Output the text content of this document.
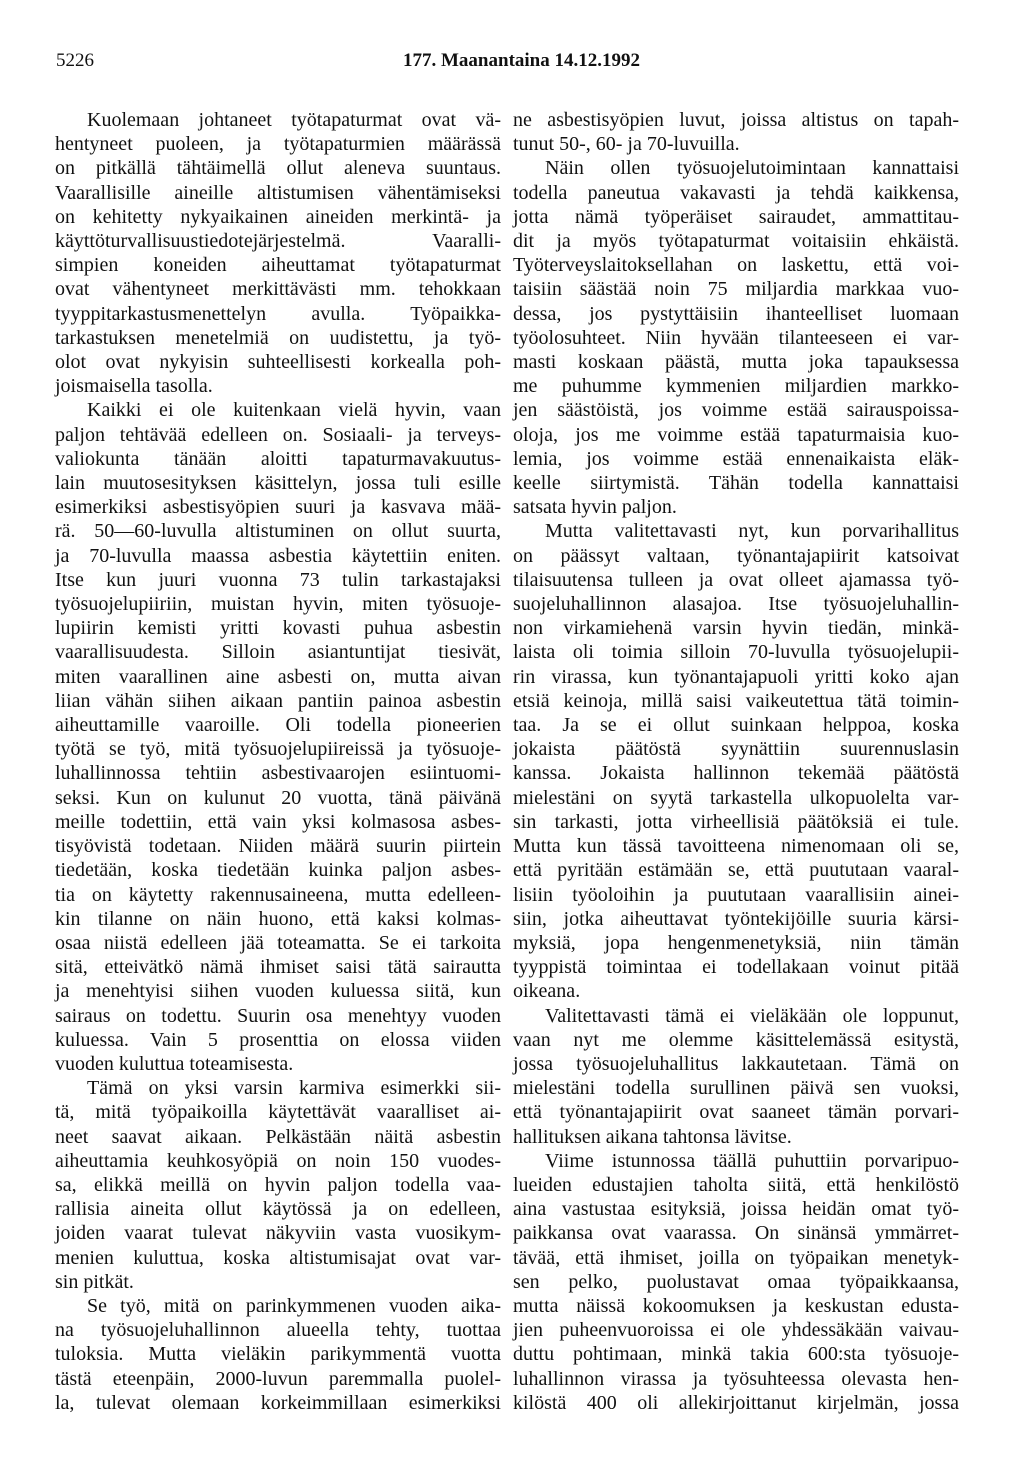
5226	177. Maanantaina 14.12.1992
Kuolemaan johtaneet työtapaturmat ovat vä-
hentyneet puoleen, ja työtapaturmien määrässä
on pitkällä tähtäimellä ollut aleneva suuntaus.
Vaarallisille aineille altistumisen vähentämiseksi
on kehitetty nykyaikainen aineiden merkintä- ja
käyttöturvallisuustiedotejärjestelmä. Vaaralli-
simpien koneiden aiheuttamat työtapaturmat
ovat vähentyneet merkittävästi mm. tehokkaan
tyyppitarkastusmenettelyn avulla. Työpaikka-
tarkastuksen menetelmiä on uudistettu, ja työ-
olot ovat nykyisin suhteellisesti korkealla poh-
joismaisella tasolla.
Kaikki ei ole kuitenkaan vielä hyvin, vaan
paljon tehtävää edelleen on. Sosiaali- ja terveys-
valiokunta tänään aloitti tapaturmavakuutus-
lain muutosesityksen käsittelyn, jossa tuli esille
esimerkiksi asbestisyöpien suuri ja kasvava mää-
rä. 50—60-luvulla altistuminen on ollut suurta,
ja 70-luvulla maassa asbestia käytettiin eniten.
Itse kun juuri vuonna 73 tulin tarkastajaksi
työsuojelupiiriin, muistan hyvin, miten työsuoje-
lupiirin kemisti yritti kovasti puhua asbestin
vaarallisuudesta. Silloin asiantuntijat tiesivät,
miten vaarallinen aine asbesti on, mutta aivan
liian vähän siihen aikaan pantiin painoa asbestin
aiheuttamille vaaroille. Oli todella pioneerien
työtä se työ, mitä työsuojelupiireissä ja työsuoje-
luhallinnossa tehtiin asbestivaarojen esiintuomi-
seksi. Kun on kulunut 20 vuotta, tänä päivänä
meille todettiin, että vain yksi kolmasosa asbes-
tisyövistä todetaan. Niiden määrä suurin piirtein
tiedetään, koska tiedetään kuinka paljon asbes-
tia on käytetty rakennusaineena, mutta edelleen-
kin tilanne on näin huono, että kaksi kolmas-
osaa niistä edelleen jää toteamatta. Se ei tarkoita
sitä, etteivätkö nämä ihmiset saisi tätä sairautta
ja menehtyisi siihen vuoden kuluessa siitä, kun
sairaus on todettu. Suurin osa menehtyy vuoden
kuluessa. Vain 5 prosenttia on elossa viiden
vuoden kuluttua toteamisesta.
Tämä on yksi varsin karmiva esimerkki sii-
tä, mitä työpaikoilla käytettävät vaaralliset ai-
neet saavat aikaan. Pelkästään näitä asbestin
aiheuttamia keuhkosyöpiä on noin 150 vuodes-
sa, elikkä meillä on hyvin paljon todella vaa-
rallisia aineita ollut käytössä ja on edelleen,
joiden vaarat tulevat näkyviin vasta vuosikym-
menien kuluttua, koska altistumisajat ovat var-
sin pitkät.
Se työ, mitä on parinkymmenen vuoden aika-
na työsuojeluhallinnon alueella tehty, tuottaa
tuloksia. Mutta vieläkin parikymmentä vuotta
tästä eteenpäin, 2000-luvun paremmalla puolel-
la, tulevat olemaan korkeimmillaan esimerkiksi
ne asbestisyöpien luvut, joissa altistus on tapah-
tunut 50-, 60- ja 70-luvuilla.
Näin ollen työsuojelutoimintaan kannattaisi
todella paneutua vakavasti ja tehdä kaikkensa,
jotta nämä työperäiset sairaudet, ammattitau-
dit ja myös työtapaturmat voitaisiin ehkäistä.
Työterveyslaitoksellahan on laskettu, että voi-
taisiin säästää noin 75 miljardia markkaa vuo-
dessa, jos pystyttäisiin ihanteelliset luomaan
työolosuhteet. Niin hyvään tilanteeseen ei var-
masti koskaan päästä, mutta joka tapauksessa
me puhumme kymmenien miljardien markko-
jen säästöistä, jos voimme estää sairauspoissa-
oloja, jos me voimme estää tapaturmaisia kuo-
lemia, jos voimme estää ennenaikaista eläk-
keelle siirtymistä. Tähän todella kannattaisi
satsata hyvin paljon.
Mutta valitettavasti nyt, kun porvarihallitus
on päässyt valtaan, työnantajapiirit katsoivat
tilaisuutensa tulleen ja ovat olleet ajamassa työ-
suojeluhallinnon alasajoa. Itse työsuojeluhallin-
non virkamiehenä varsin hyvin tiedän, minkä-
laista oli toimia silloin 70-luvulla työsuojelupii-
rin virassa, kun työnantajapuoli yritti koko ajan
etsiä keinoja, millä saisi vaikeutettua tätä toimin-
taa. Ja se ei ollut suinkaan helppoa, koska
jokaista päätöstä syynättiin suurennuslasin
kanssa. Jokaista hallinnon tekemää päätöstä
mielestäni on syytä tarkastella ulkopuolelta var-
sin tarkasti, jotta virheellisiä päätöksiä ei tule.
Mutta kun tässä tavoitteena nimenomaan oli se,
että pyritään estämään se, että puututaan vaaral-
lisiin työoloihin ja puututaan vaarallisiin ainei-
siin, jotka aiheuttavat työntekijöille suuria kärsi-
myksiä, jopa hengenmenetyksiä, niin tämän
tyyppistä toimintaa ei todellakaan voinut pitää
oikeana.
Valitettavasti tämä ei vieläkään ole loppunut,
vaan nyt me olemme käsittelemässä esitystä,
jossa työsuojeluhallitus lakkautetaan. Tämä on
mielestäni todella surullinen päivä sen vuoksi,
että työnantajapiirit ovat saaneet tämän porvari-
hallituksen aikana tahtonsa lävitse.
Viime istunnossa täällä puhuttiin porvaripuo-
lueiden edustajien taholta siitä, että henkilöstö
aina vastustaa esityksiä, joissa heidän omat työ-
paikkansa ovat vaarassa. On sinänsä ymmärret-
tävää, että ihmiset, joilla on työpaikan menetyk-
sen pelko, puolustavat omaa työpaikkaansa,
mutta näissä kokoomuksen ja keskustan edusta-
jien puheenvuoroissa ei ole yhdessäkään vaivau-
duttu pohtimaan, minkä takia 600:sta työsuoje-
luhallinnon virassa ja työsuhteessa olevasta hen-
kilöstä 400 oli allekirjoittanut kirjelmän, jossa
